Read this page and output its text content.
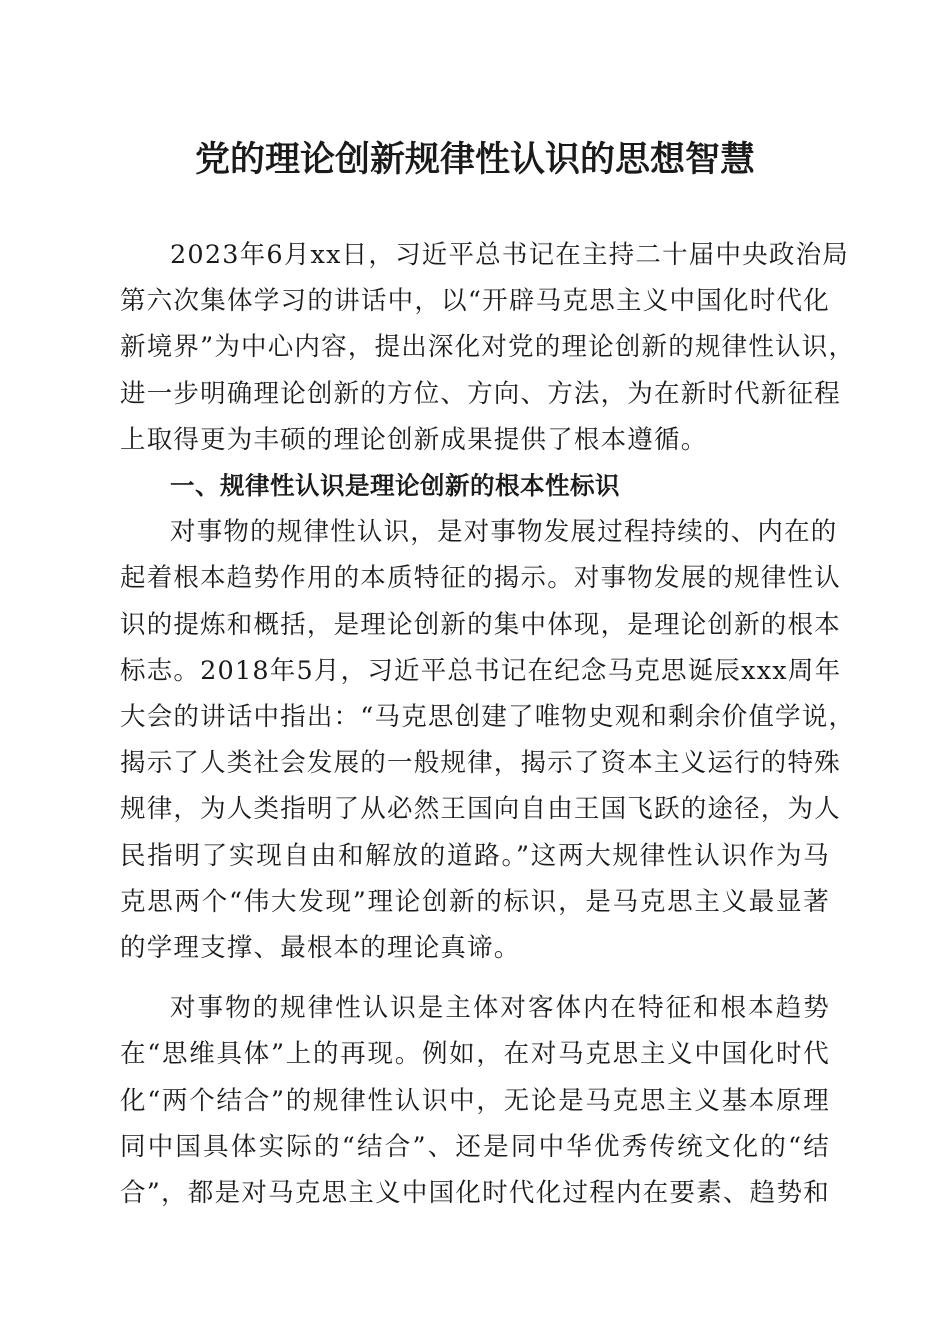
党的理论创新规律性认识的思想智慧
2023年6月xx日，习近平总书记在主持二十届中央政治局
第六次集体学习的讲话中，以“开辟马克思主义中国化时代化
新境界”为中心内容，提出深化对党的理论创新的规律性认识，
进一步明确理论创新的方位、方向、方法，为在新时代新征程
上取得更为丰硕的理论创新成果提供了根本遵循。
一、规律性认识是理论创新的根本性标识
对事物的规律性认识，是对事物发展过程持续的、内在的
起着根本趋势作用的本质特征的揭示。对事物发展的规律性认
识的提炼和概括，是理论创新的集中体现，是理论创新的根本
标志。2018年5月，习近平总书记在纪念马克思诞辰xxx周年
大会的讲话中指出：“马克思创建了唯物史观和剩余价值学说，
揭示了人类社会发展的一般规律，揭示了资本主义运行的特殊
规律，为人类指明了从必然王国向自由王国飞跃的途径，为人
民指明了实现自由和解放的道路。”这两大规律性认识作为马
克思两个“伟大发现”理论创新的标识，是马克思主义最显著
的学理支撑、最根本的理论真谛。
对事物的规律性认识是主体对客体内在特征和根本趋势
在“思维具体”上的再现。例如，在对马克思主义中国化时代
化“两个结合”的规律性认识中，无论是马克思主义基本原理
同中国具体实际的“结合”、还是同中华优秀传统文化的“结
合”，都是对马克思主义中国化时代化过程内在要素、趋势和
